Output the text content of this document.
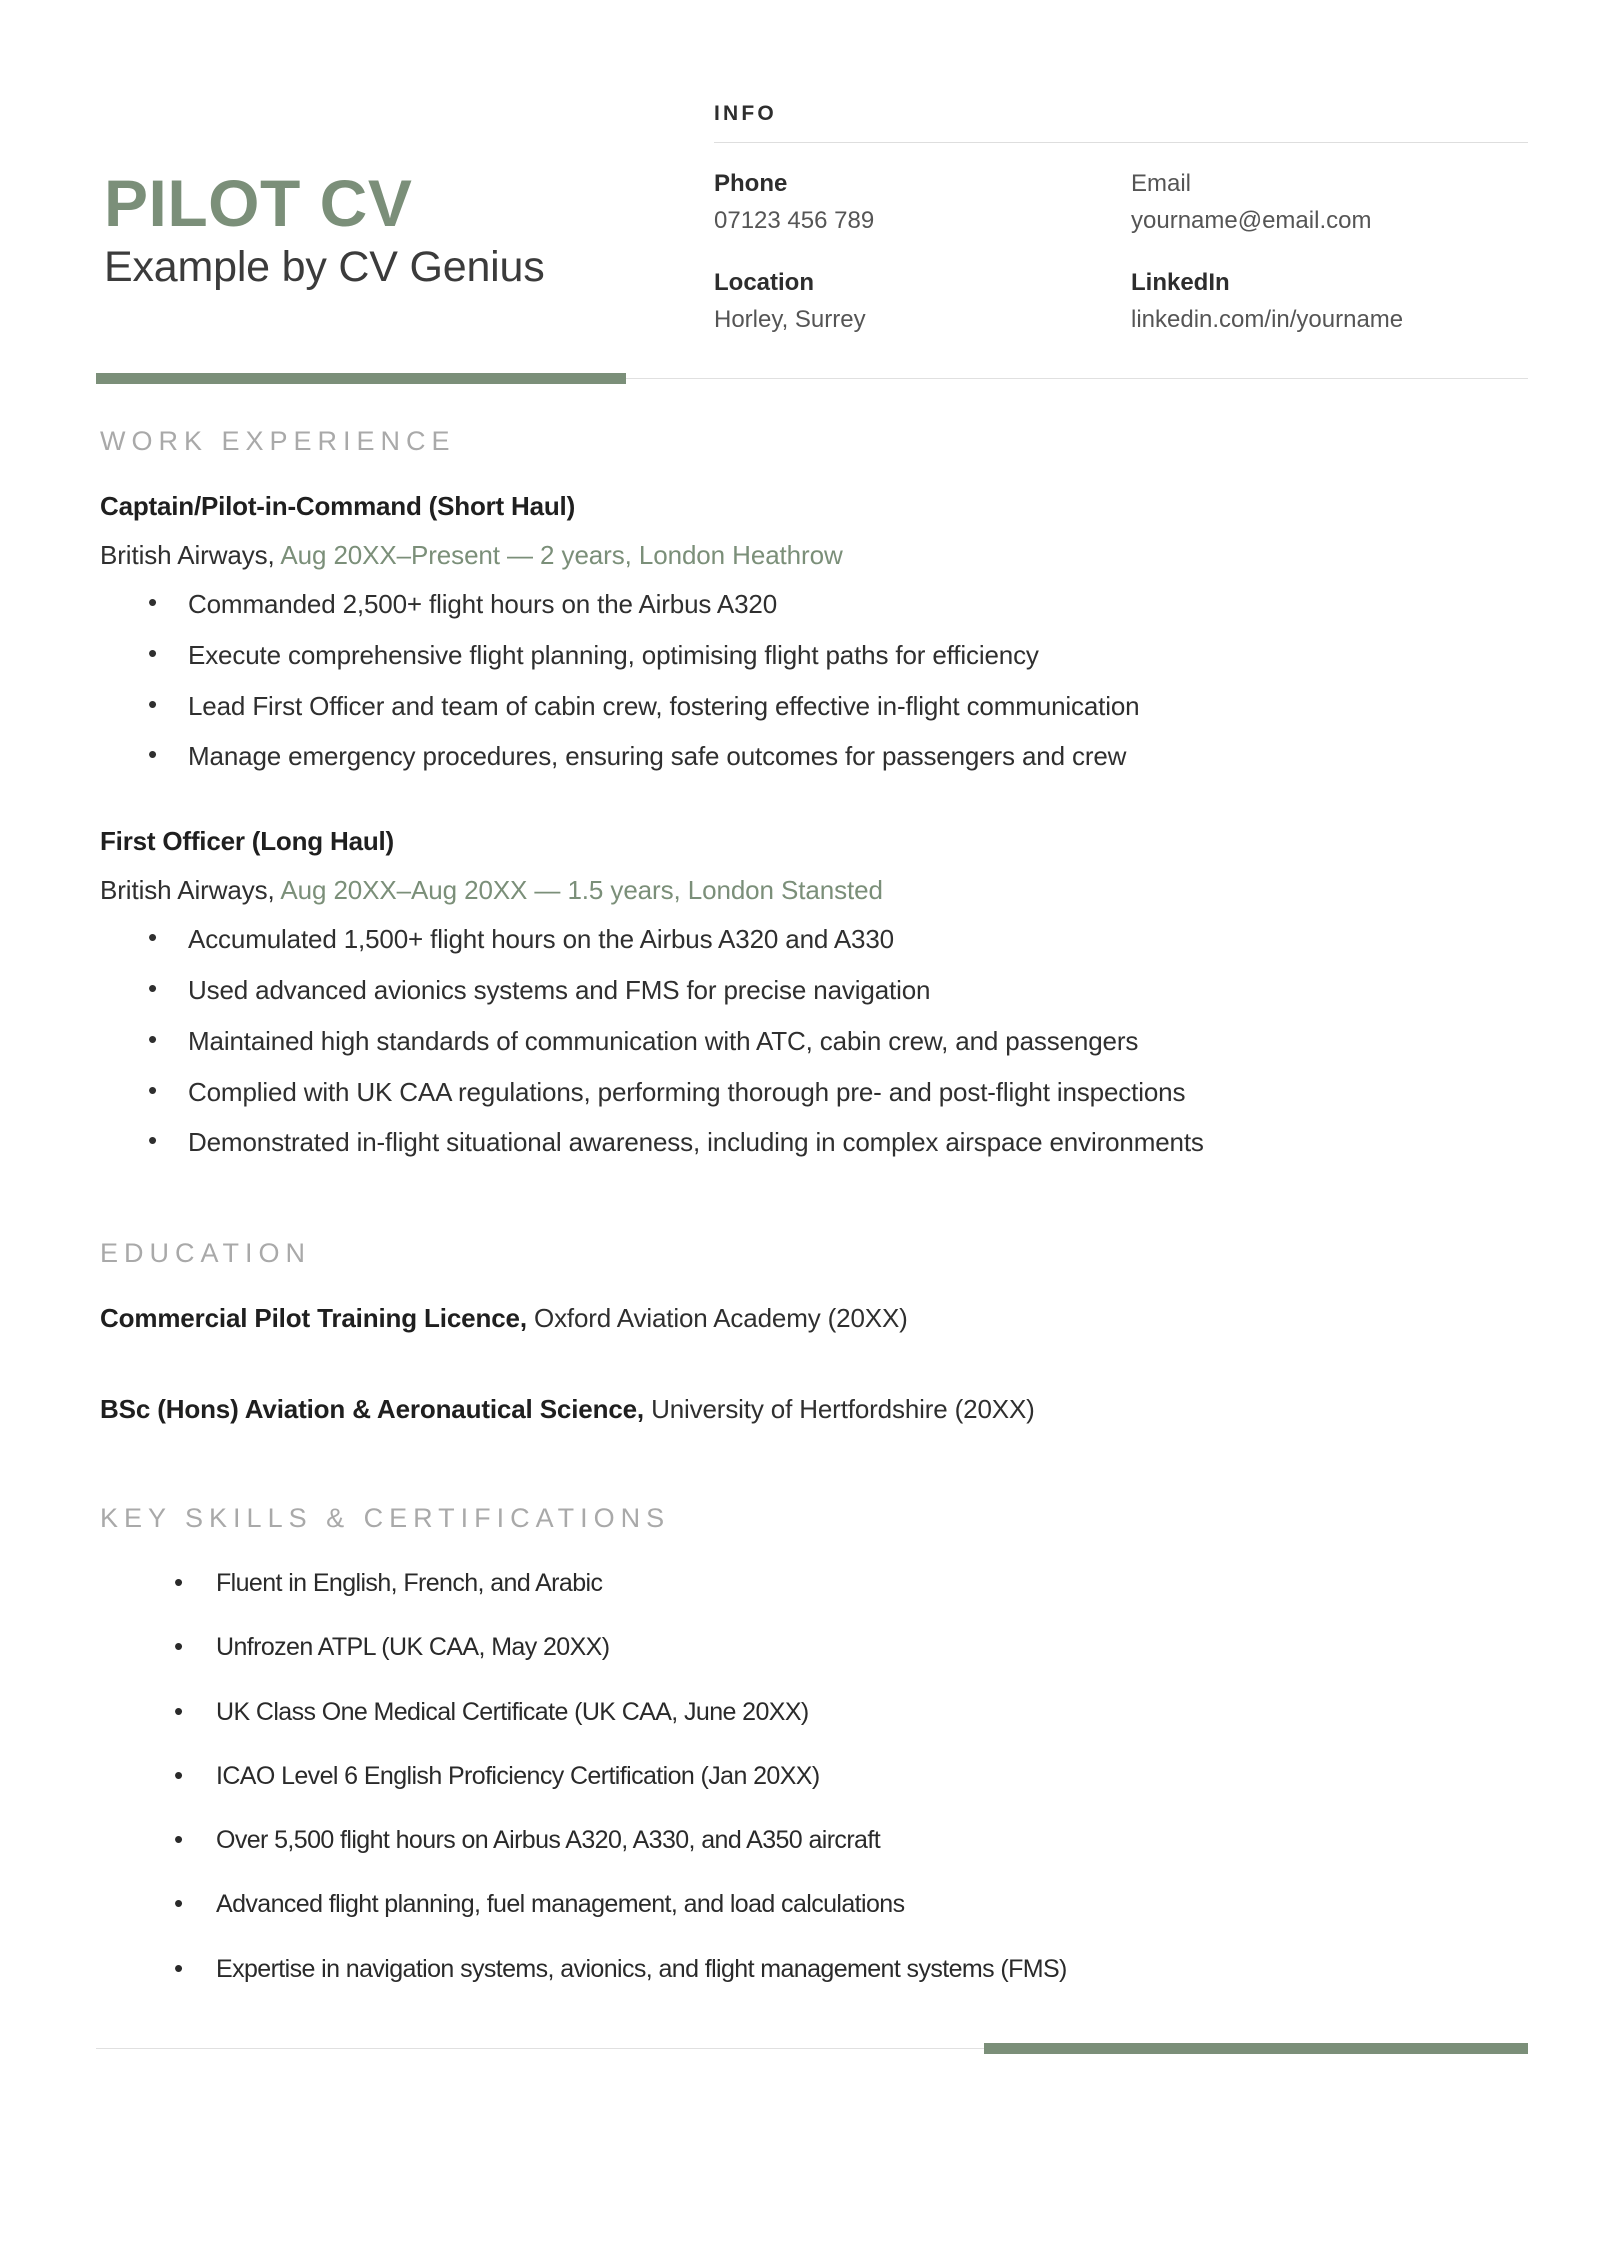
PILOT CV
Example by CV Genius
INFO
Phone
07123 456 789
Email
yourname@email.com
Location
Horley, Surrey
LinkedIn
linkedin.com/in/yourname
WORK EXPERIENCE
Captain/Pilot-in-Command (Short Haul)
British Airways, Aug 20XX–Present — 2 years, London Heathrow
• Commanded 2,500+ flight hours on the Airbus A320
• Execute comprehensive flight planning, optimising flight paths for efficiency
• Lead First Officer and team of cabin crew, fostering effective in-flight communication
• Manage emergency procedures, ensuring safe outcomes for passengers and crew
First Officer (Long Haul)
British Airways, Aug 20XX–Aug 20XX — 1.5 years, London Stansted
• Accumulated 1,500+ flight hours on the Airbus A320 and A330
• Used advanced avionics systems and FMS for precise navigation
• Maintained high standards of communication with ATC, cabin crew, and passengers
• Complied with UK CAA regulations, performing thorough pre- and post-flight inspections
• Demonstrated in-flight situational awareness, including in complex airspace environments
EDUCATION
Commercial Pilot Training Licence, Oxford Aviation Academy (20XX)
BSc (Hons) Aviation & Aeronautical Science, University of Hertfordshire (20XX)
KEY SKILLS & CERTIFICATIONS
• Fluent in English, French, and Arabic
• Unfrozen ATPL (UK CAA, May 20XX)
• UK Class One Medical Certificate (UK CAA, June 20XX)
• ICAO Level 6 English Proficiency Certification (Jan 20XX)
• Over 5,500 flight hours on Airbus A320, A330, and A350 aircraft
• Advanced flight planning, fuel management, and load calculations
• Expertise in navigation systems, avionics, and flight management systems (FMS)
